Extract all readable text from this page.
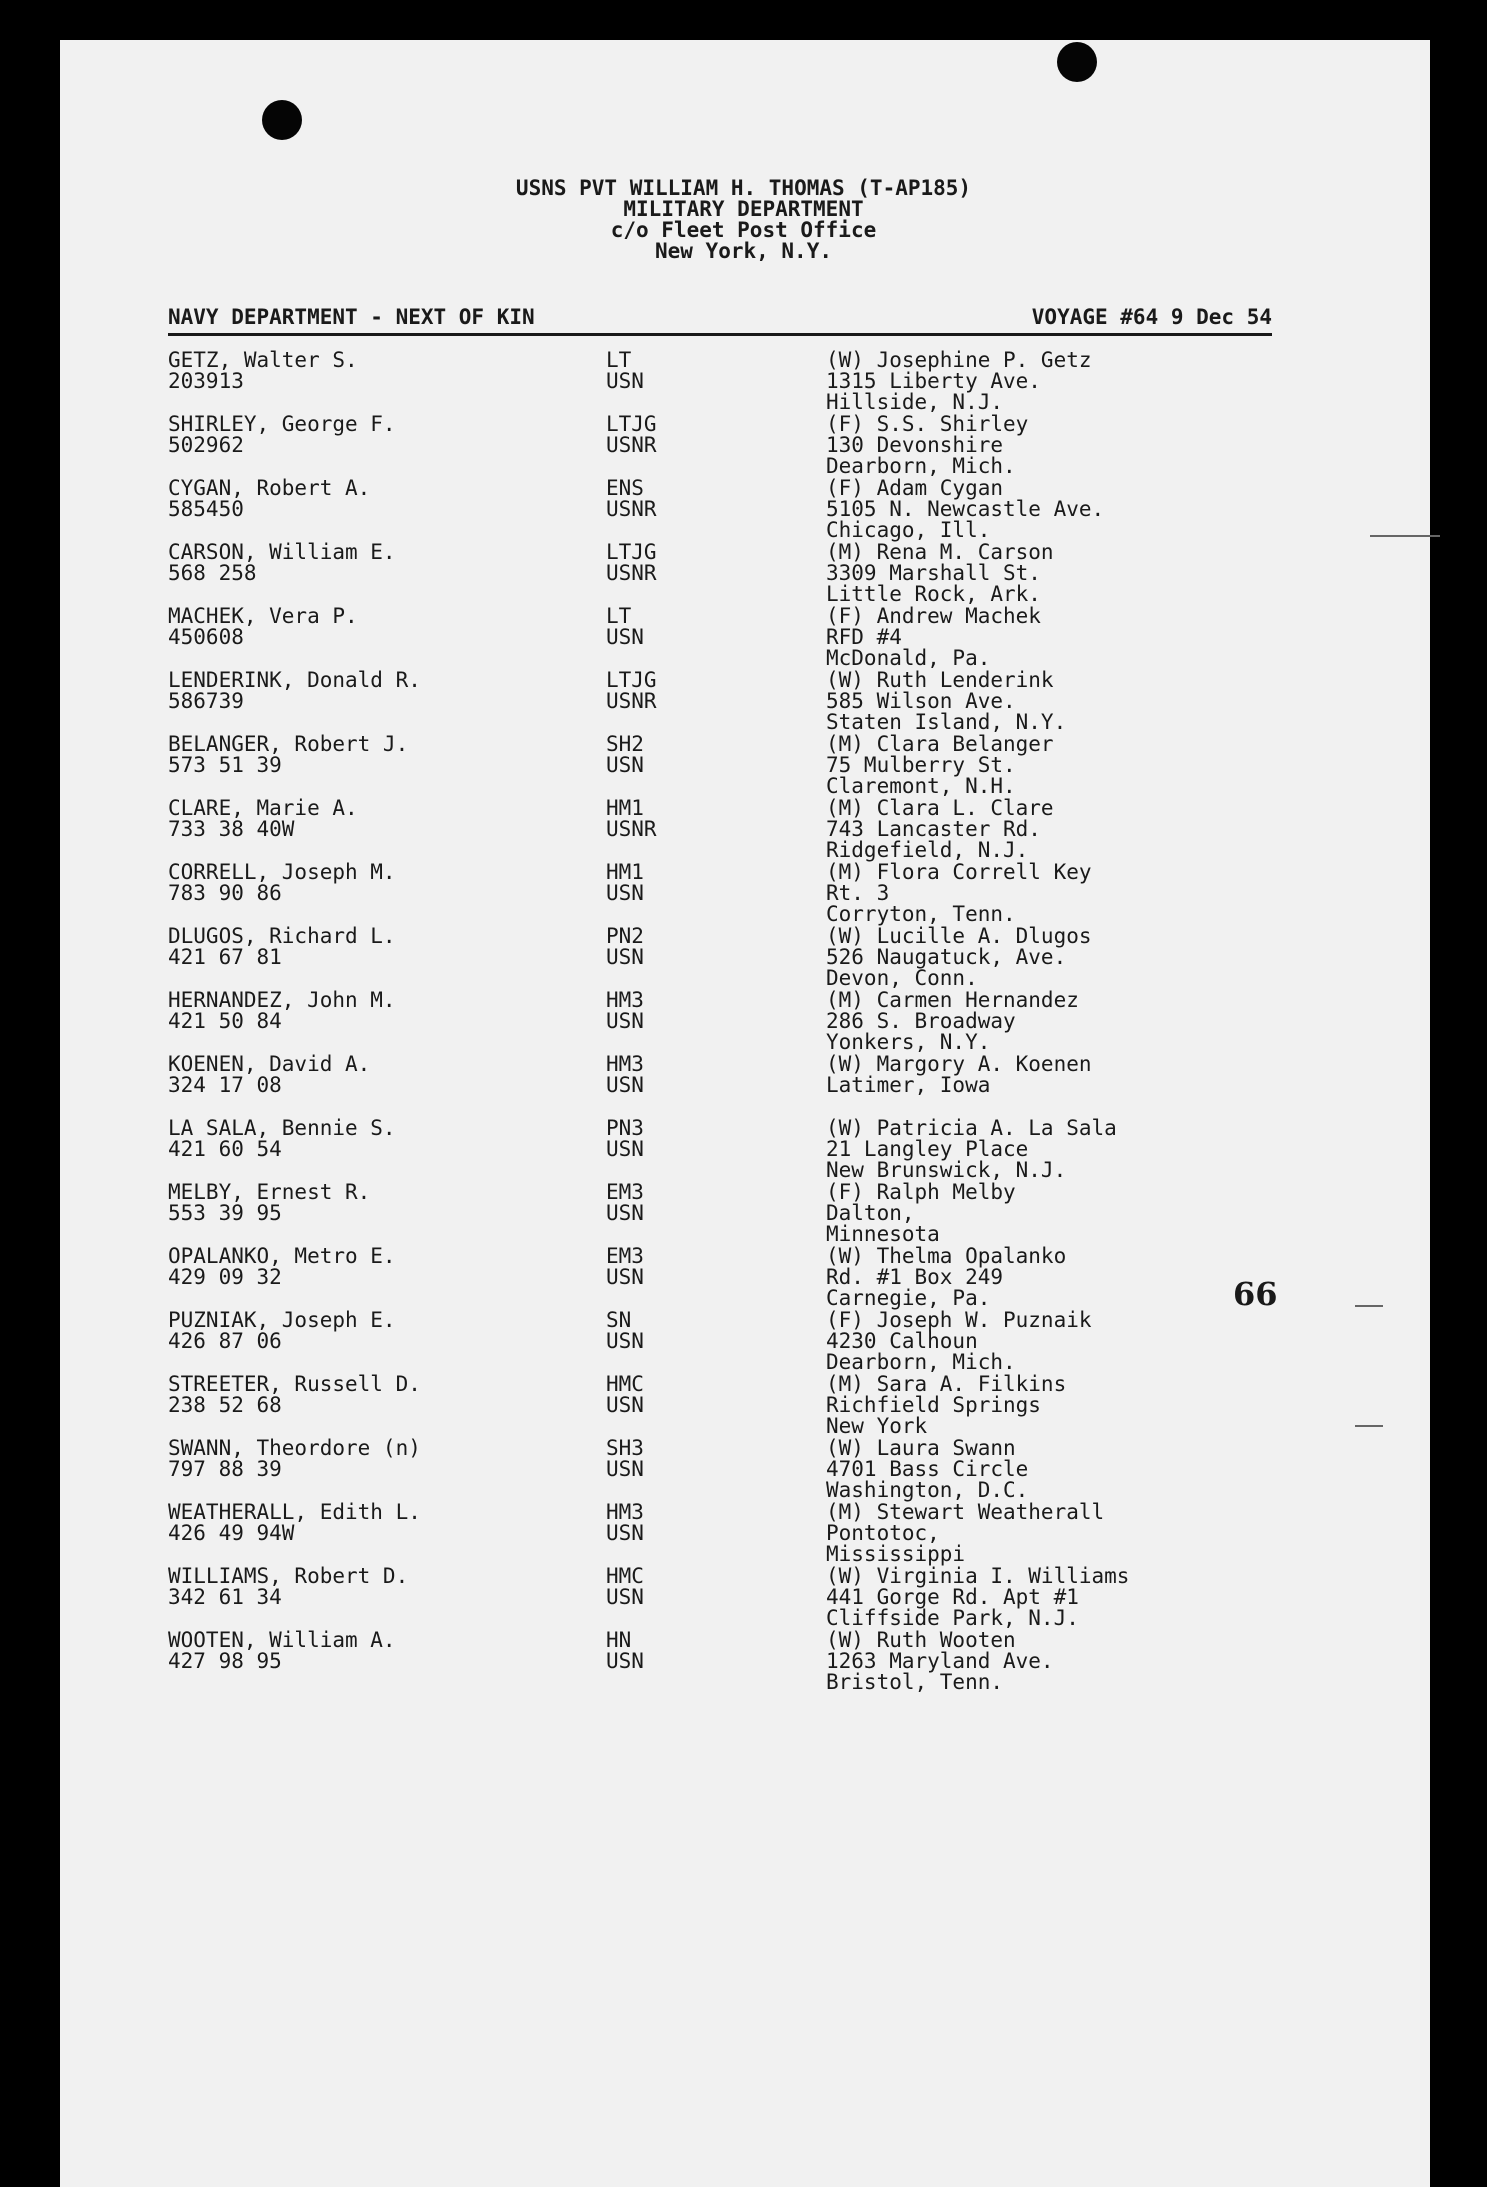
USNS PVT WILLIAM H. THOMAS (T-AP185)
MILITARY DEPARTMENT
c/o Fleet Post Office
New York, N.Y.
NAVY DEPARTMENT - NEXT OF KIN	VOYAGE #64 9 Dec 54
GETZ, Walter S.
203913
LT
USN
(W) Josephine P. Getz
1315 Liberty Ave.
Hillside, N.J.
SHIRLEY, George F.
502962
LTJG
USNR
(F) S.S. Shirley
130 Devonshire
Dearborn, Mich.
CYGAN, Robert A.
585450
ENS
USNR
(F) Adam Cygan
5105 N. Newcastle Ave.
Chicago, Ill.
CARSON, William E.
568 258
LTJG
USNR
(M) Rena M. Carson
3309 Marshall St.
Little Rock, Ark.
MACHEK, Vera P.
450608
LT
USN
(F) Andrew Machek
RFD #4
McDonald, Pa.
LENDERINK, Donald R.
586739
LTJG
USNR
(W) Ruth Lenderink
585 Wilson Ave.
Staten Island, N.Y.
BELANGER, Robert J.
573 51 39
SH2
USN
(M) Clara Belanger
75 Mulberry St.
Claremont, N.H.
CLARE, Marie A.
733 38 40W
HM1
USNR
(M) Clara L. Clare
743 Lancaster Rd.
Ridgefield, N.J.
CORRELL, Joseph M.
783 90 86
HM1
USN
(M) Flora Correll Key
Rt. 3
Corryton, Tenn.
DLUGOS, Richard L.
421 67 81
PN2
USN
(W) Lucille A. Dlugos
526 Naugatuck, Ave.
Devon, Conn.
HERNANDEZ, John M.
421 50 84
HM3
USN
(M) Carmen Hernandez
286 S. Broadway
Yonkers, N.Y.
KOENEN, David A.
324 17 08
HM3
USN
(W) Margory A. Koenen
Latimer, Iowa
LA SALA, Bennie S.
421 60 54
PN3
USN
(W) Patricia A. La Sala
21 Langley Place
New Brunswick, N.J.
MELBY, Ernest R.
553 39 95
EM3
USN
(F) Ralph Melby
Dalton,
Minnesota
OPALANKO, Metro E.
429 09 32
EM3
USN
(W) Thelma Opalanko
Rd. #1 Box 249
Carnegie, Pa.
PUZNIAK, Joseph E.
426 87 06
SN
USN
(F) Joseph W. Puznaik
4230 Calhoun
Dearborn, Mich.
STREETER, Russell D.
238 52 68
HMC
USN
(M) Sara A. Filkins
Richfield Springs
New York
SWANN, Theordore (n)
797 88 39
SH3
USN
(W) Laura Swann
4701 Bass Circle
Washington, D.C.
WEATHERALL, Edith L.
426 49 94W
HM3
USN
(M) Stewart Weatherall
Pontotoc,
Mississippi
WILLIAMS, Robert D.
342 61 34
HMC
USN
(W) Virginia I. Williams
441 Gorge Rd. Apt #1
Cliffside Park, N.J.
WOOTEN, William A.
427 98 95
HN
USN
(W) Ruth Wooten
1263 Maryland Ave.
Bristol, Tenn.
66
